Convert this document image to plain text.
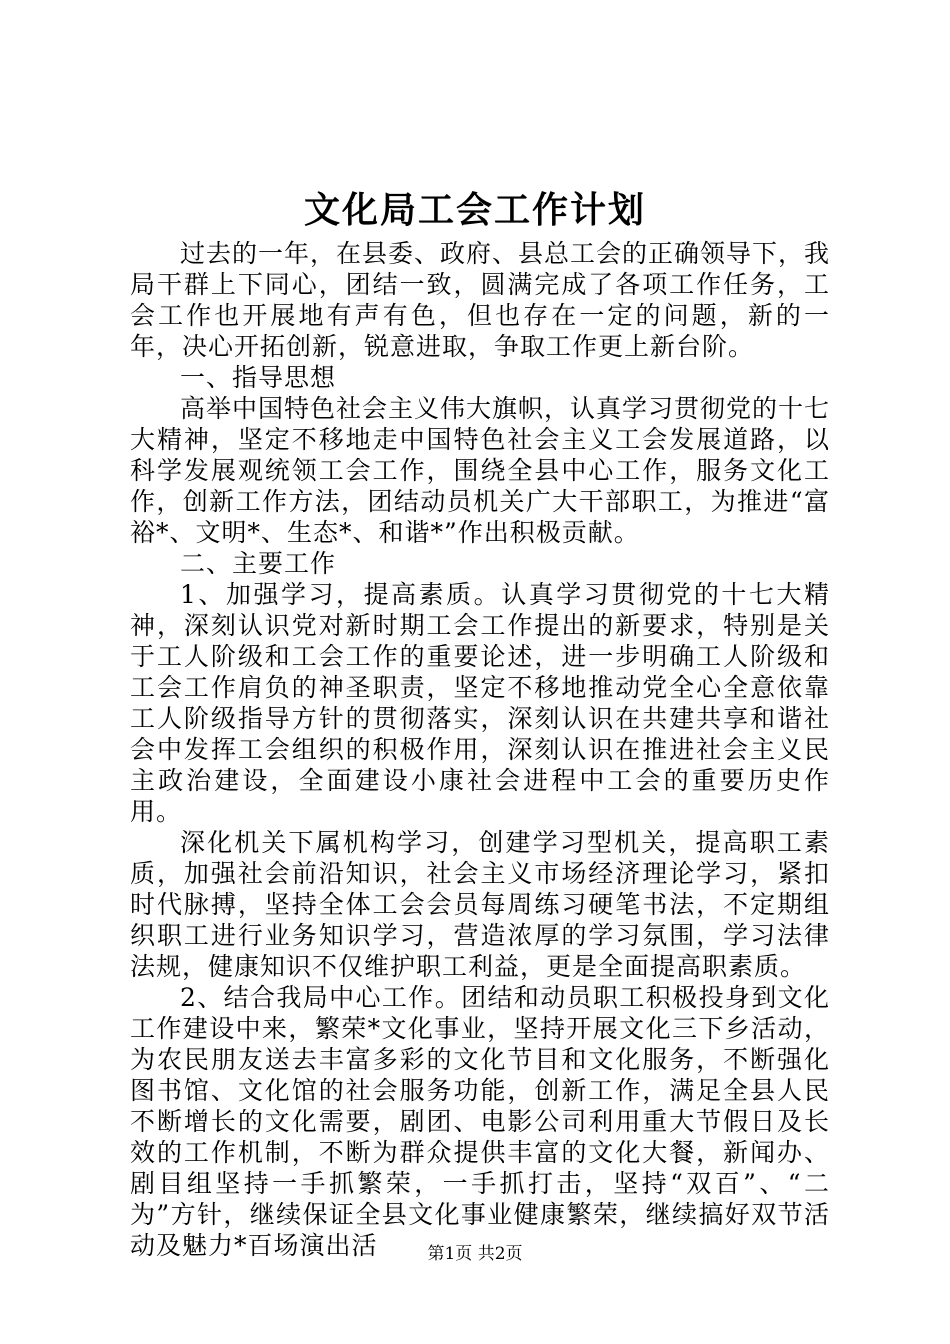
文化局工会工作计划

过去的一年，在县委、政府、县总工会的正确领导下，我局干群上下同心，团结一致，圆满完成了各项工作任务，工会工作也开展地有声有色，但也存在一定的问题，新的一年，决心开拓创新，锐意进取，争取工作更上新台阶。

一、指导思想

高举中国特色社会主义伟大旗帜，认真学习贯彻党的十七大精神，坚定不移地走中国特色社会主义工会发展道路，以科学发展观统领工会工作，围绕全县中心工作，服务文化工作，创新工作方法，团结动员机关广大干部职工，为推进“富裕*、文明*、生态*、和谐*”作出积极贡献。

二、主要工作

1、加强学习，提高素质。认真学习贯彻党的十七大精神，深刻认识党对新时期工会工作提出的新要求，特别是关于工人阶级和工会工作的重要论述，进一步明确工人阶级和工会工作肩负的神圣职责，坚定不移地推动党全心全意依靠工人阶级指导方针的贯彻落实，深刻认识在共建共享和谐社会中发挥工会组织的积极作用，深刻认识在推进社会主义民主政治建设，全面建设小康社会进程中工会的重要历史作用。

深化机关下属机构学习，创建学习型机关，提高职工素质，加强社会前沿知识，社会主义市场经济理论学习，紧扣时代脉搏，坚持全体工会会员每周练习硬笔书法，不定期组织职工进行业务知识学习，营造浓厚的学习氛围，学习法律法规，健康知识不仅维护职工利益，更是全面提高职素质。

2、结合我局中心工作。团结和动员职工积极投身到文化工作建设中来，繁荣*文化事业，坚持开展文化三下乡活动，为农民朋友送去丰富多彩的文化节目和文化服务，不断强化图书馆、文化馆的社会服务功能，创新工作，满足全县人民不断增长的文化需要，剧团、电影公司利用重大节假日及长效的工作机制，不断为群众提供丰富的文化大餐，新闻办、剧目组坚持一手抓繁荣，一手抓打击，坚持“双百”、“二为”方针，继续保证全县文化事业健康繁荣，继续搞好双节活动及魅力*百场演出活	第1页 共2页
